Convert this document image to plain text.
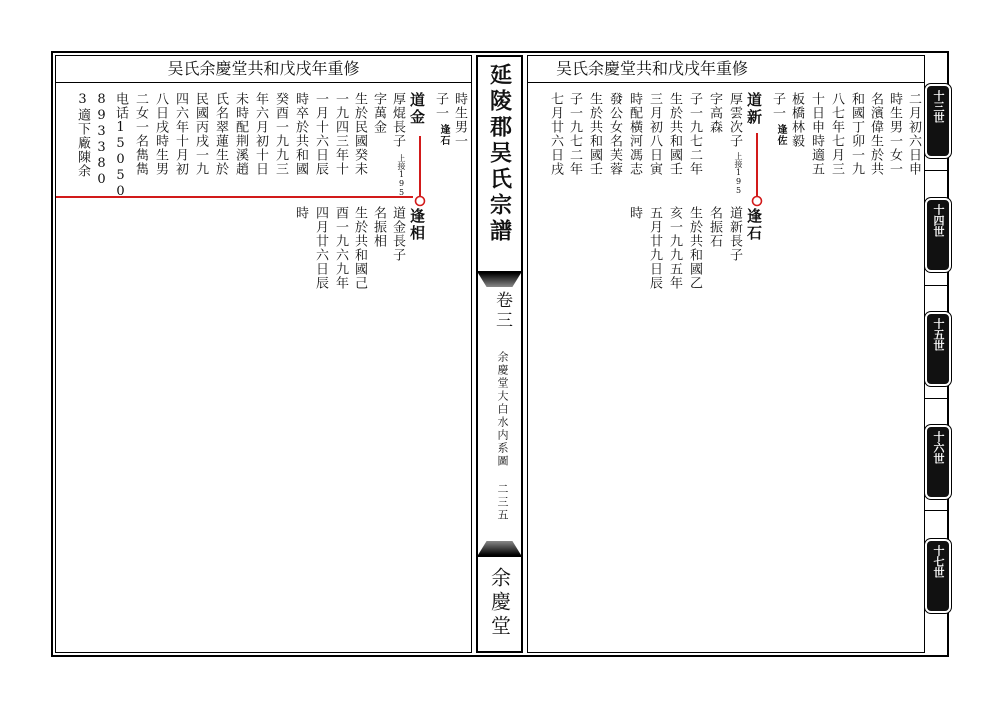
吴氏余慶堂共和戊戌年重修
時生男一
子一
道金
厚焜長子
字萬金
生於民國癸未
一九四三年十
一月十六日辰
時卒於共和國
癸酉一九九三
年六月初十日
未時配荆溪趙
氏名翠蓮生於
民國丙戌一九
四六年十月初
八日戌時生男
二女一名雋雋
电话15050
893380
3適下廠陳余	上接195
逢石
逢相
道金長子
名振相
生於共和國己
酉一九六九年
四月廿六日辰
時	延陵郡吴氏宗譜
卷三
余慶堂大白水内系圖
二三五
余慶堂
吴氏余慶堂共和戊戌年重修
二月初六日申
時生男一女一
名濱偉生於共
和國丁卯一九
八七年七月三
十日申時適五
板橋林毅
子一
道新
厚雲次子
字高森
子一九七二年
生於共和國壬
三月初八日寅
時配橫河馮志
發公女名芙蓉
生於共和國壬
子一九七二年
七月廿六日戌	上接195
逢佐
逢石
道新長子
名振石
生於共和國乙
亥一九九五年
五月廿九日辰
時
十三世
十四世
十五世
十六世
十七世
